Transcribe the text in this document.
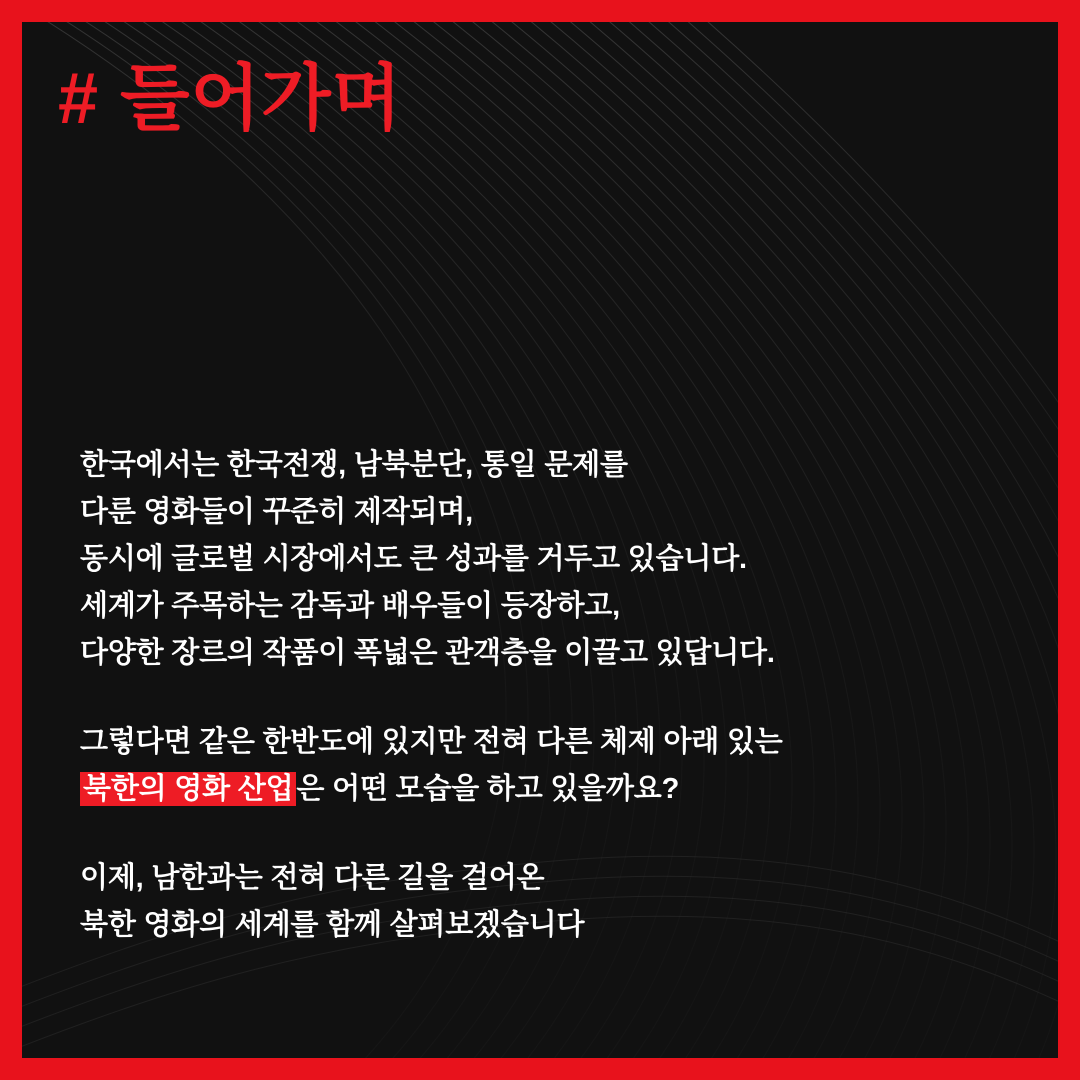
# 들어가며

한국에서는 한국전쟁, 남북분단, 통일 문제를
다룬 영화들이 꾸준히 제작되며,
동시에 글로벌 시장에서도 큰 성과를 거두고 있습니다.
세계가 주목하는 감독과 배우들이 등장하고,
다양한 장르의 작품이 폭넓은 관객층을 이끌고 있답니다.

그렇다면 같은 한반도에 있지만 전혀 다른 체제 아래 있는
북한의 영화 산업 은 어떤 모습을 하고 있을까요?

이제, 남한과는 전혀 다른 길을 걸어온
북한 영화의 세계를 함께 살펴보겠습니다
